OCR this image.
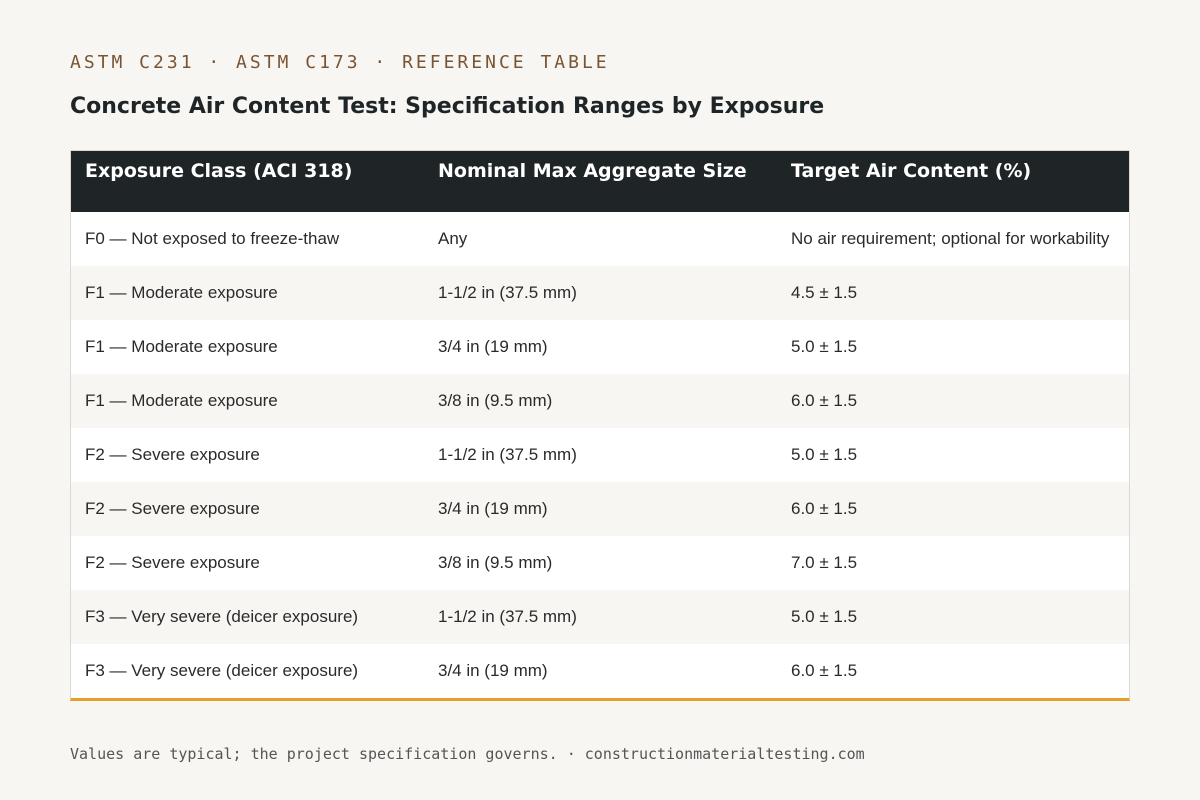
ASTM C231 · ASTM C173 · REFERENCE TABLE
Concrete Air Content Test: Specification Ranges by Exposure
Exposure Class (ACI 318)	Nominal Max Aggregate Size	Target Air Content (%)
F0 — Not exposed to freeze-thaw	Any	No air requirement; optional for workability
F1 — Moderate exposure	1-1/2 in (37.5 mm)	4.5 ± 1.5
F1 — Moderate exposure	3/4 in (19 mm)	5.0 ± 1.5
F1 — Moderate exposure	3/8 in (9.5 mm)	6.0 ± 1.5
F2 — Severe exposure	1-1/2 in (37.5 mm)	5.0 ± 1.5
F2 — Severe exposure	3/4 in (19 mm)	6.0 ± 1.5
F2 — Severe exposure	3/8 in (9.5 mm)	7.0 ± 1.5
F3 — Very severe (deicer exposure)	1-1/2 in (37.5 mm)	5.0 ± 1.5
F3 — Very severe (deicer exposure)	3/4 in (19 mm)	6.0 ± 1.5
Values are typical; the project specification governs. · constructionmaterialtesting.com
